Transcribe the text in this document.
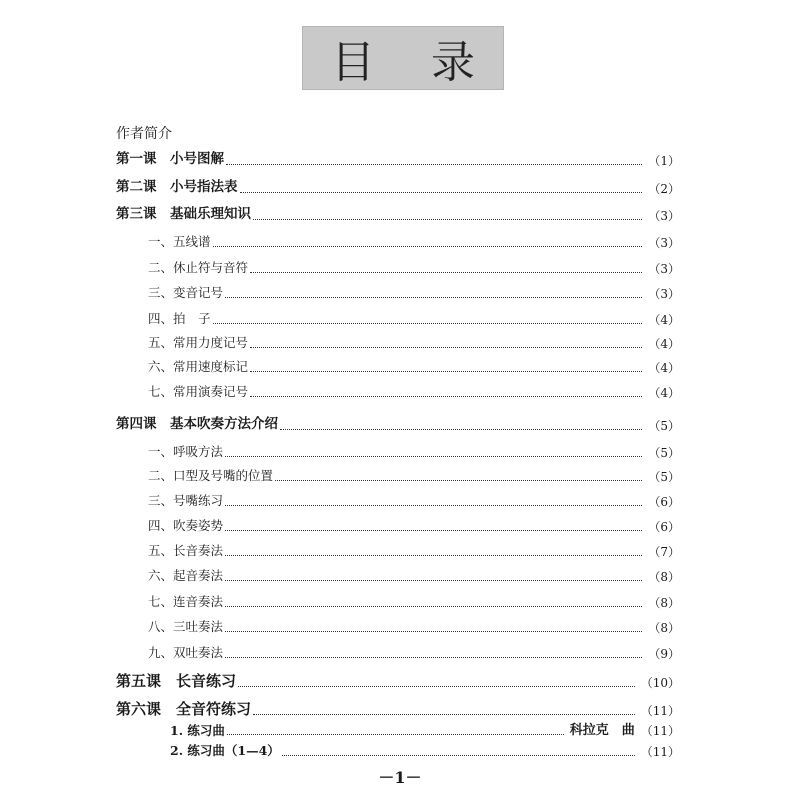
目 录
作者简介
第一课　小号图解	（1）
第二课　小号指法表	（2）
第三课　基础乐理知识	（3）
一、五线谱	（3）
二、休止符与音符	（3）
三、变音记号	（3）
四、拍　子	（4）
五、常用力度记号	（4）
六、常用速度标记	（4）
七、常用演奏记号	（4）
第四课　基本吹奏方法介绍	（5）
一、呼吸方法	（5）
二、口型及号嘴的位置	（5）
三、号嘴练习	（6）
四、吹奏姿势	（6）
五、长音奏法	（7）
六、起音奏法	（8）
七、连音奏法	（8）
八、三吐奏法	（8）
九、双吐奏法	（9）
第五课　长音练习	（10）
第六课　全音符练习	（11）
1. 练习曲	科拉克　曲 （11）
2. 练习曲（1—4）	（11）
－1－
